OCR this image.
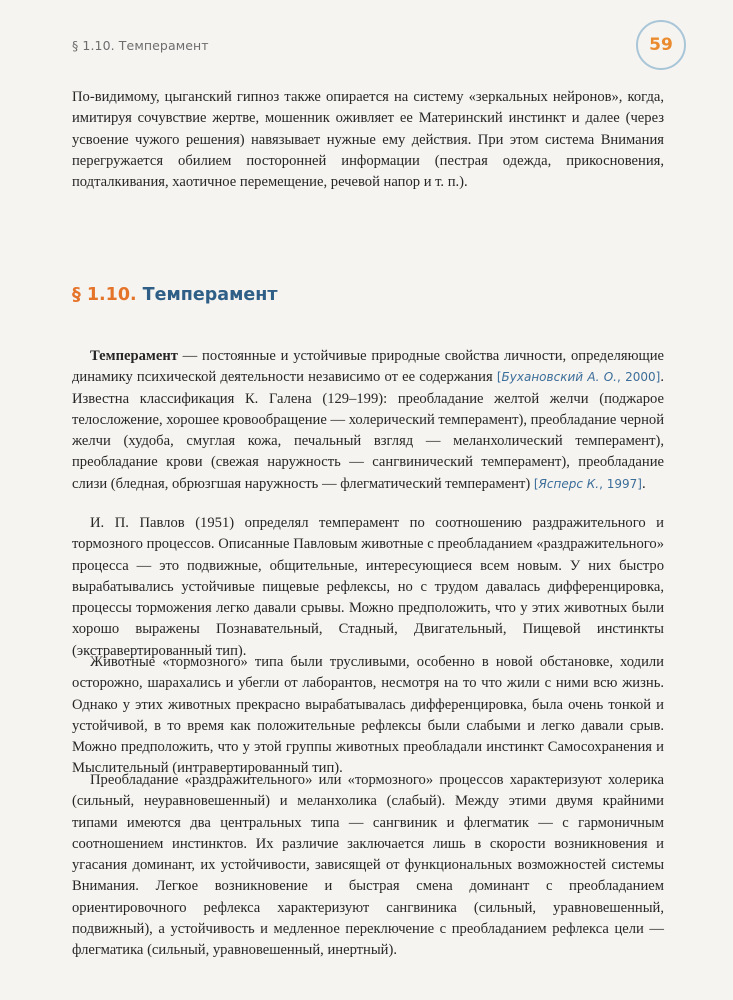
§ 1.10. Темперамент	59

По-видимому, цыганский гипноз также опирается на систему «зеркальных нейронов», когда, имитируя сочувствие жертве, мошенник оживляет ее Материнский инстинкт и далее (через усвоение чужого решения) навязывает нужные ему действия. При этом система Внимания перегружается обилием посторонней информации (пестрая одежда, прикосновения, подталкивания, хаотичное перемещение, речевой напор и т. п.).

§ 1.10. Темперамент

Темперамент — постоянные и устойчивые природные свойства личности, определяющие динамику психической деятельности независимо от ее содержания [Бухановский А. О., 2000]. Известна классификация К. Галена (129–199): преобладание желтой желчи (поджарое телосложение, хорошее кровообращение — холерический темперамент), преобладание черной желчи (худоба, смуглая кожа, печальный взгляд — меланхолический темперамент), преобладание крови (свежая наружность — сангвинический темперамент), преобладание слизи (бледная, обрюзгшая наружность — флегматический темперамент) [Ясперс К., 1997].

И. П. Павлов (1951) определял темперамент по соотношению раздражительного и тормозного процессов. Описанные Павловым животные с преобладанием «раздражительного» процесса — это подвижные, общительные, интересующиеся всем новым. У них быстро вырабатывались устойчивые пищевые рефлексы, но с трудом давалась дифференцировка, процессы торможения легко давали срывы. Можно предположить, что у этих животных были хорошо выражены Познавательный, Стадный, Двигательный, Пищевой инстинкты (экстравертированный тип).

Животные «тормозного» типа были трусливыми, особенно в новой обстановке, ходили осторожно, шарахались и убегли от лаборантов, несмотря на то что жили с ними всю жизнь. Однако у этих животных прекрасно вырабатывалась дифференцировка, была очень тонкой и устойчивой, в то время как положительные рефлексы были слабыми и легко давали срыв. Можно предположить, что у этой группы животных преобладали инстинкт Самосохранения и Мыслительный (интравертированный тип).

Преобладание «раздражительного» или «тормозного» процессов характеризуют холерика (сильный, неуравновешенный) и меланхолика (слабый). Между этими двумя крайними типами имеются два центральных типа — сангвиник и флегматик — с гармоничным соотношением инстинктов. Их различие заключается лишь в скорости возникновения и угасания доминант, их устойчивости, зависящей от функциональных возможностей системы Внимания. Легкое возникновение и быстрая смена доминант с преобладанием ориентировочного рефлекса характеризуют сангвиника (сильный, уравновешенный, подвижный), а устойчивость и медленное переключение с преобладанием рефлекса цели — флегматика (сильный, уравновешенный, инертный).
